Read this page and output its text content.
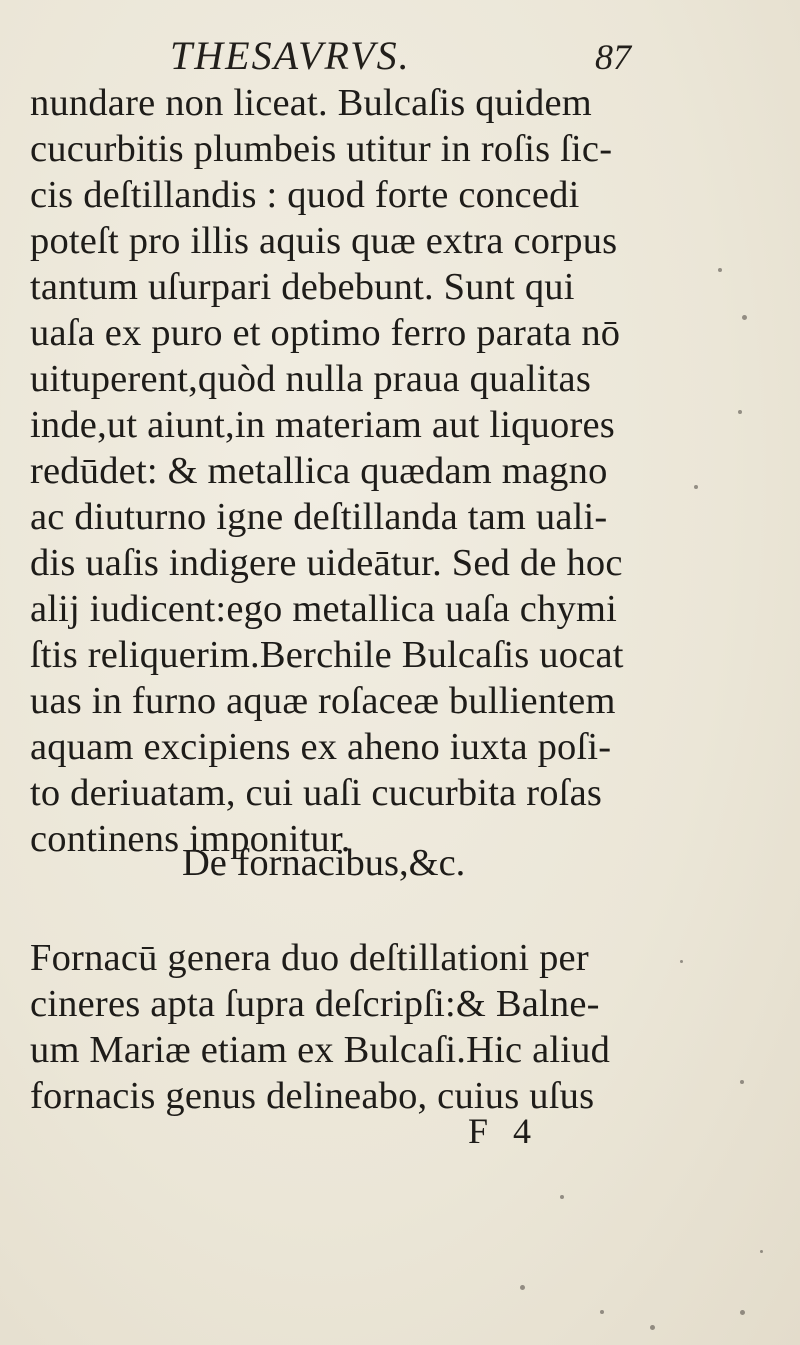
THESAVRVS.	87
nundare non liceat. Bulcaſis quidem
cucurbitis plumbeis utitur in roſis ſic-
cis deſtillandis : quod forte concedi
poteſt pro illis aquis quæ extra corpus
tantum uſurpari debebunt. Sunt qui
uaſa ex puro et optimo ferro parata nō
uituperent,quòd nulla praua qualitas
inde,ut aiunt,in materiam aut liquores
redūdet: & metallica quædam magno
ac diuturno igne deſtillanda tam uali-
dis uaſis indigere uideātur. Sed de hoc
alij iudicent:ego metallica uaſa chymi
ſtis reliquerim.Berchile Bulcaſis uocat
uas in furno aquæ roſaceæ bullientem
aquam excipiens ex aheno iuxta poſi-
to deriuatam, cui uaſi cucurbita roſas
continens imponitur.
De fornacibus,&c.
Fornacū genera duo deſtillationi per
cineres apta ſupra deſcripſi:& Balne-
um Mariæ etiam ex Bulcaſi.Hic aliud
fornacis genus delineabo, cuius uſus
F 4
